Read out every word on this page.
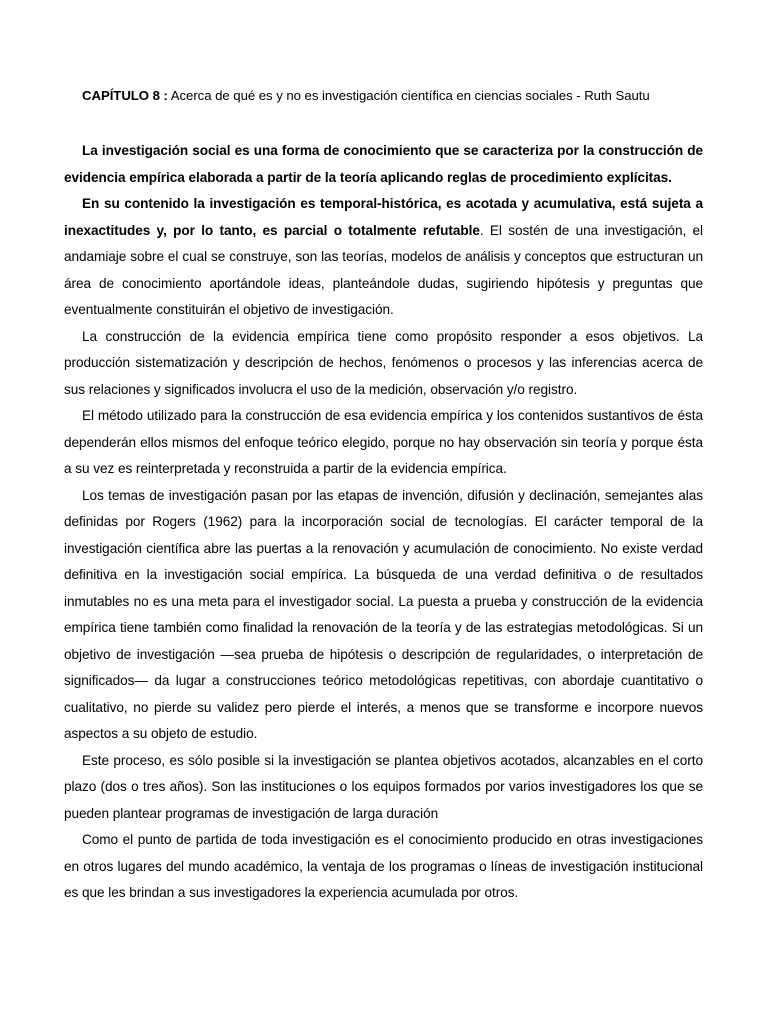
CAPÍTULO 8 : Acerca de qué es y no es investigación científica en ciencias sociales - Ruth Sautu

La investigación social es una forma de conocimiento que se caracteriza por la construcción de evidencia empírica elaborada a partir de la teoría aplicando reglas de procedimiento explícitas.

En su contenido la investigación es temporal-histórica, es acotada y acumulativa, está sujeta a inexactitudes y, por lo tanto, es parcial o totalmente refutable. El sostén de una investigación, el andamiaje sobre el cual se construye, son las teorías, modelos de análisis y conceptos que estructuran un área de conocimiento aportándole ideas, planteándole dudas, sugiriendo hipótesis y preguntas que eventualmente constituirán el objetivo de investigación.

La construcción de la evidencia empírica tiene como propósito responder a esos objetivos. La producción sistematización y descripción de hechos, fenómenos o procesos y las inferencias acerca de sus relaciones y significados involucra el uso de la medición, observación y/o registro.

El método utilizado para la construcción de esa evidencia empírica y los contenidos sustantivos de ésta dependerán ellos mismos del enfoque teórico elegido, porque no hay observación sin teoría y porque ésta a su vez es reinterpretada y reconstruida a partir de la evidencia empírica.

Los temas de investigación pasan por las etapas de invención, difusión y declinación, semejantes alas definidas por Rogers (1962) para la incorporación social de tecnologías. El carácter temporal de la investigación científica abre las puertas a la renovación y acumulación de conocimiento. No existe verdad definitiva en la investigación social empírica. La búsqueda de una verdad definitiva o de resultados inmutables no es una meta para el investigador social. La puesta a prueba y construcción de la evidencia empírica tiene también como finalidad la renovación de la teoría y de las estrategias metodológicas. Si un objetivo de investigación —sea prueba de hipótesis o descripción de regularidades, o interpretación de significados— da lugar a construcciones teórico metodológicas repetitivas, con abordaje cuantitativo o cualitativo, no pierde su validez pero pierde el interés, a menos que se transforme e incorpore nuevos aspectos a su objeto de estudio.

Este proceso, es sólo posible si la investigación se plantea objetivos acotados, alcanzables en el corto plazo (dos o tres años). Son las instituciones o los equipos formados por varios investigadores los que se pueden plantear programas de investigación de larga duración

Como el punto de partida de toda investigación es el conocimiento producido en otras investigaciones en otros lugares del mundo académico, la ventaja de los programas o líneas de investigación institucional es que les brindan a sus investigadores la experiencia acumulada por otros.
